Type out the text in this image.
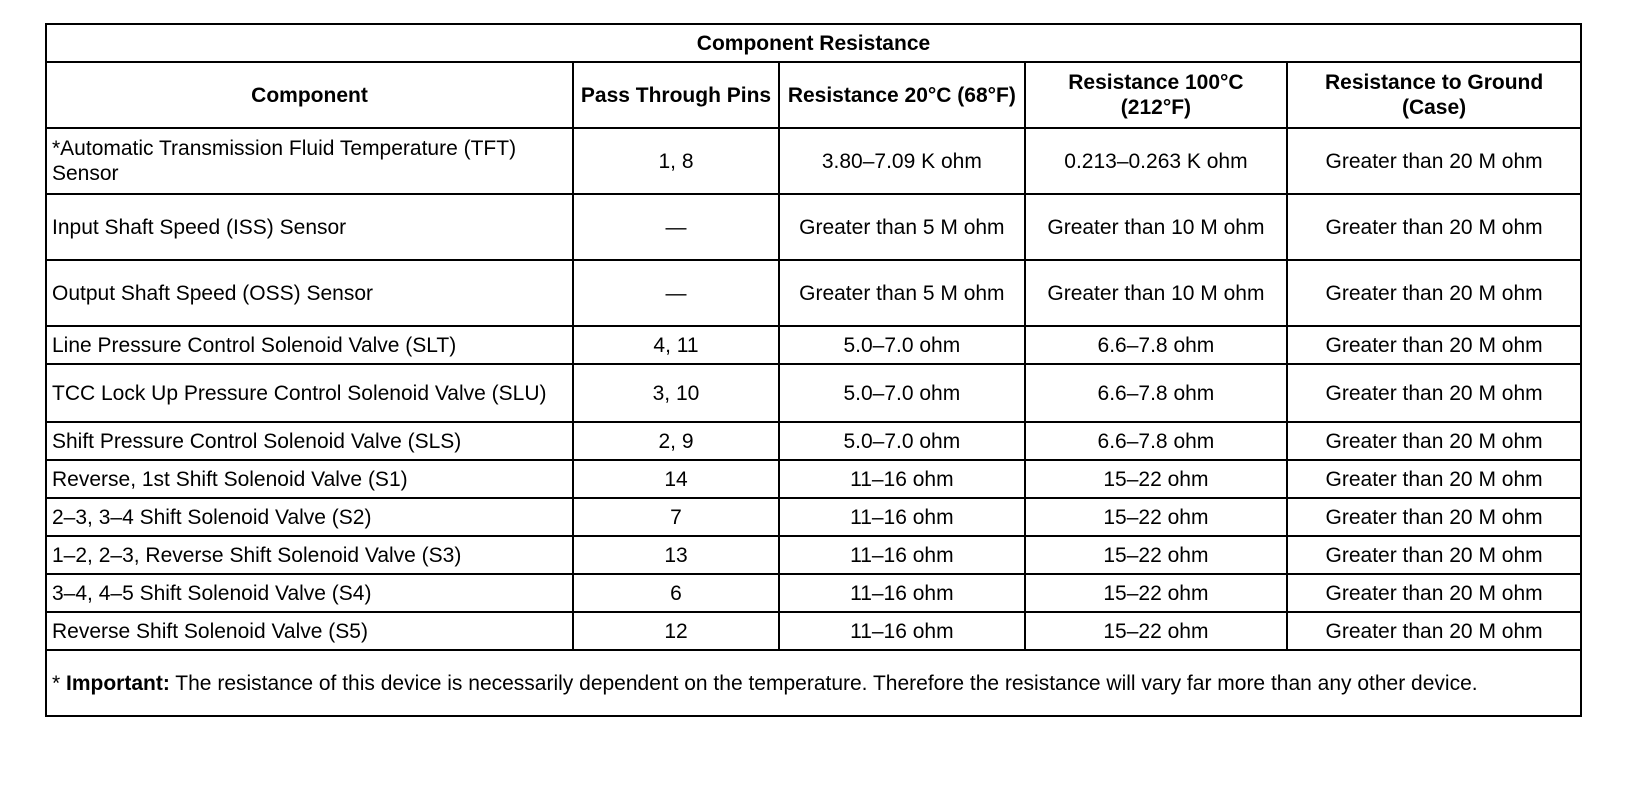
Component Resistance				
Component	Pass Through Pins	Resistance 20°C (68°F)	Resistance 100°C (212°F)	Resistance to Ground (Case)
*Automatic Transmission Fluid Temperature (TFT) Sensor	1, 8	3.80–7.09 K ohm	0.213–0.263 K ohm	Greater than 20 M ohm
Input Shaft Speed (ISS) Sensor	—	Greater than 5 M ohm	Greater than 10 M ohm	Greater than 20 M ohm
Output Shaft Speed (OSS) Sensor	—	Greater than 5 M ohm	Greater than 10 M ohm	Greater than 20 M ohm
Line Pressure Control Solenoid Valve (SLT)	4, 11	5.0–7.0 ohm	6.6–7.8 ohm	Greater than 20 M ohm
TCC Lock Up Pressure Control Solenoid Valve (SLU)	3, 10	5.0–7.0 ohm	6.6–7.8 ohm	Greater than 20 M ohm
Shift Pressure Control Solenoid Valve (SLS)	2, 9	5.0–7.0 ohm	6.6–7.8 ohm	Greater than 20 M ohm
Reverse, 1st Shift Solenoid Valve (S1)	14	11–16 ohm	15–22 ohm	Greater than 20 M ohm
2–3, 3–4 Shift Solenoid Valve (S2)	7	11–16 ohm	15–22 ohm	Greater than 20 M ohm
1–2, 2–3, Reverse Shift Solenoid Valve (S3)	13	11–16 ohm	15–22 ohm	Greater than 20 M ohm
3–4, 4–5 Shift Solenoid Valve (S4)	6	11–16 ohm	15–22 ohm	Greater than 20 M ohm
Reverse Shift Solenoid Valve (S5)	12	11–16 ohm	15–22 ohm	Greater than 20 M ohm
* Important: The resistance of this device is necessarily dependent on the temperature. Therefore the resistance will vary far more than any other device.				
